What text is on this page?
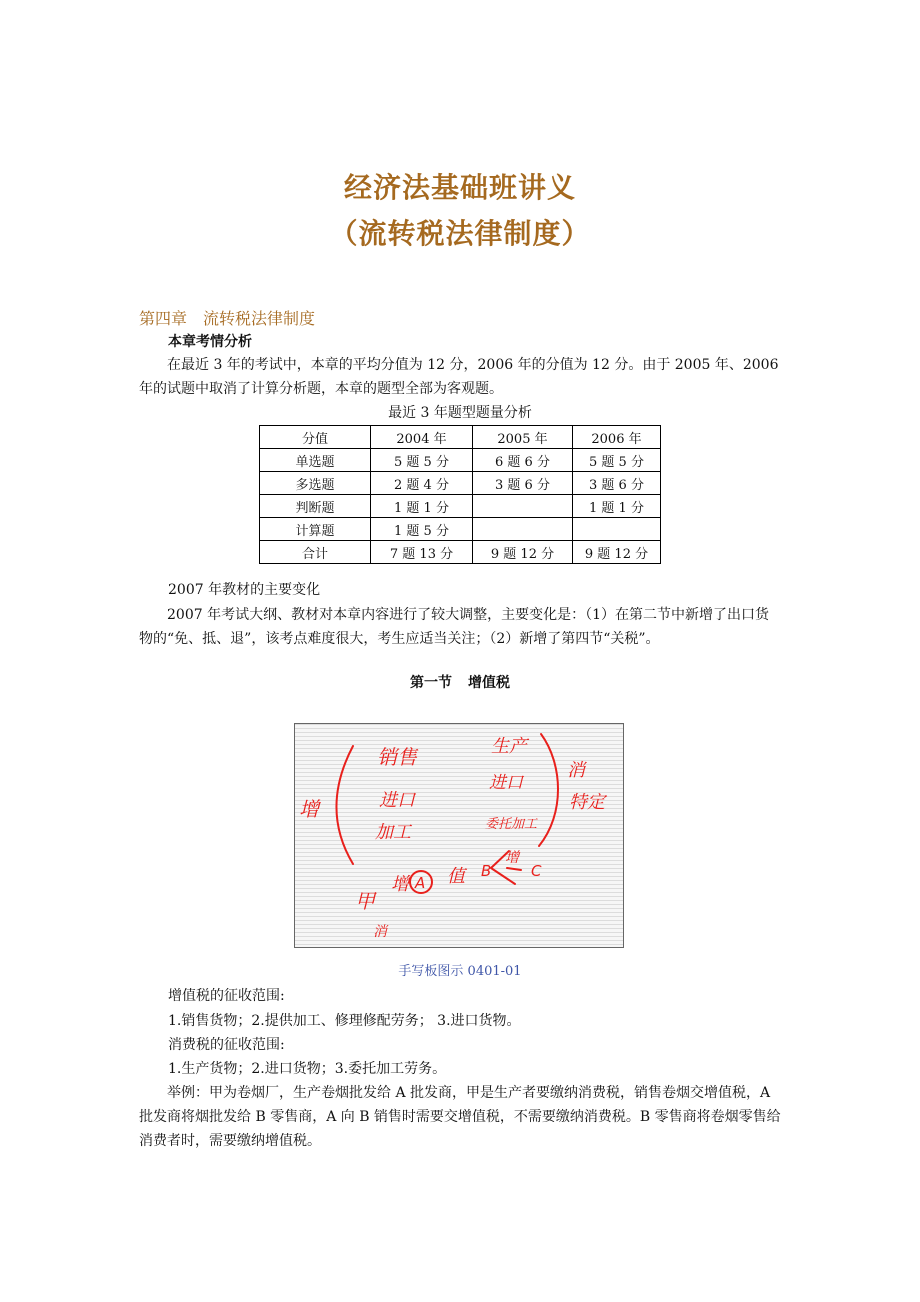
经济法基础班讲义
（流转税法律制度）
第四章 流转税法律制度
本章考情分析

在最近 3 年的考试中，本章的平均分值为 12 分，2006 年的分值为 12 分。由于 2005 年、2006 年的试题中取消了计算分析题，本章的题型全部为客观题。

最近 3 年题型题量分析
分值	2004 年	2005 年	2006 年
单选题	5 题 5 分	6 题 6 分	5 题 5 分
多选题	2 题 4 分	3 题 6 分	3 题 6 分
判断题	1 题 1 分		1 题 1 分
计算题	1 题 5 分		
合计	7 题 13 分	9 题 12 分	9 题 12 分
2007 年教材的主要变化

2007 年考试大纲、教材对本章内容进行了较大调整，主要变化是：（1）在第二节中新增了出口货物的“免、抵、退”，该考点难度很大，考生应适当关注；（2）新增了第四节“关税”。

第一节 增值税
增
销售
进口
加工
生产
进口
委托加工
消
特定
甲
消
增 A 值 B
增
C
手写板图示 0401-01
增值税的征收范围:
1.销售货物；2.提供加工、修理修配劳务； 3.进口货物。
消费税的征收范围:
1.生产货物；2.进口货物；3.委托加工劳务。

举例：甲为卷烟厂，生产卷烟批发给 A 批发商，甲是生产者要缴纳消费税，销售卷烟交增值税，A 批发商将烟批发给 B 零售商，A 向 B 销售时需要交增值税，不需要缴纳消费税。B 零售商将卷烟零售给消费者时，需要缴纳增值税。
